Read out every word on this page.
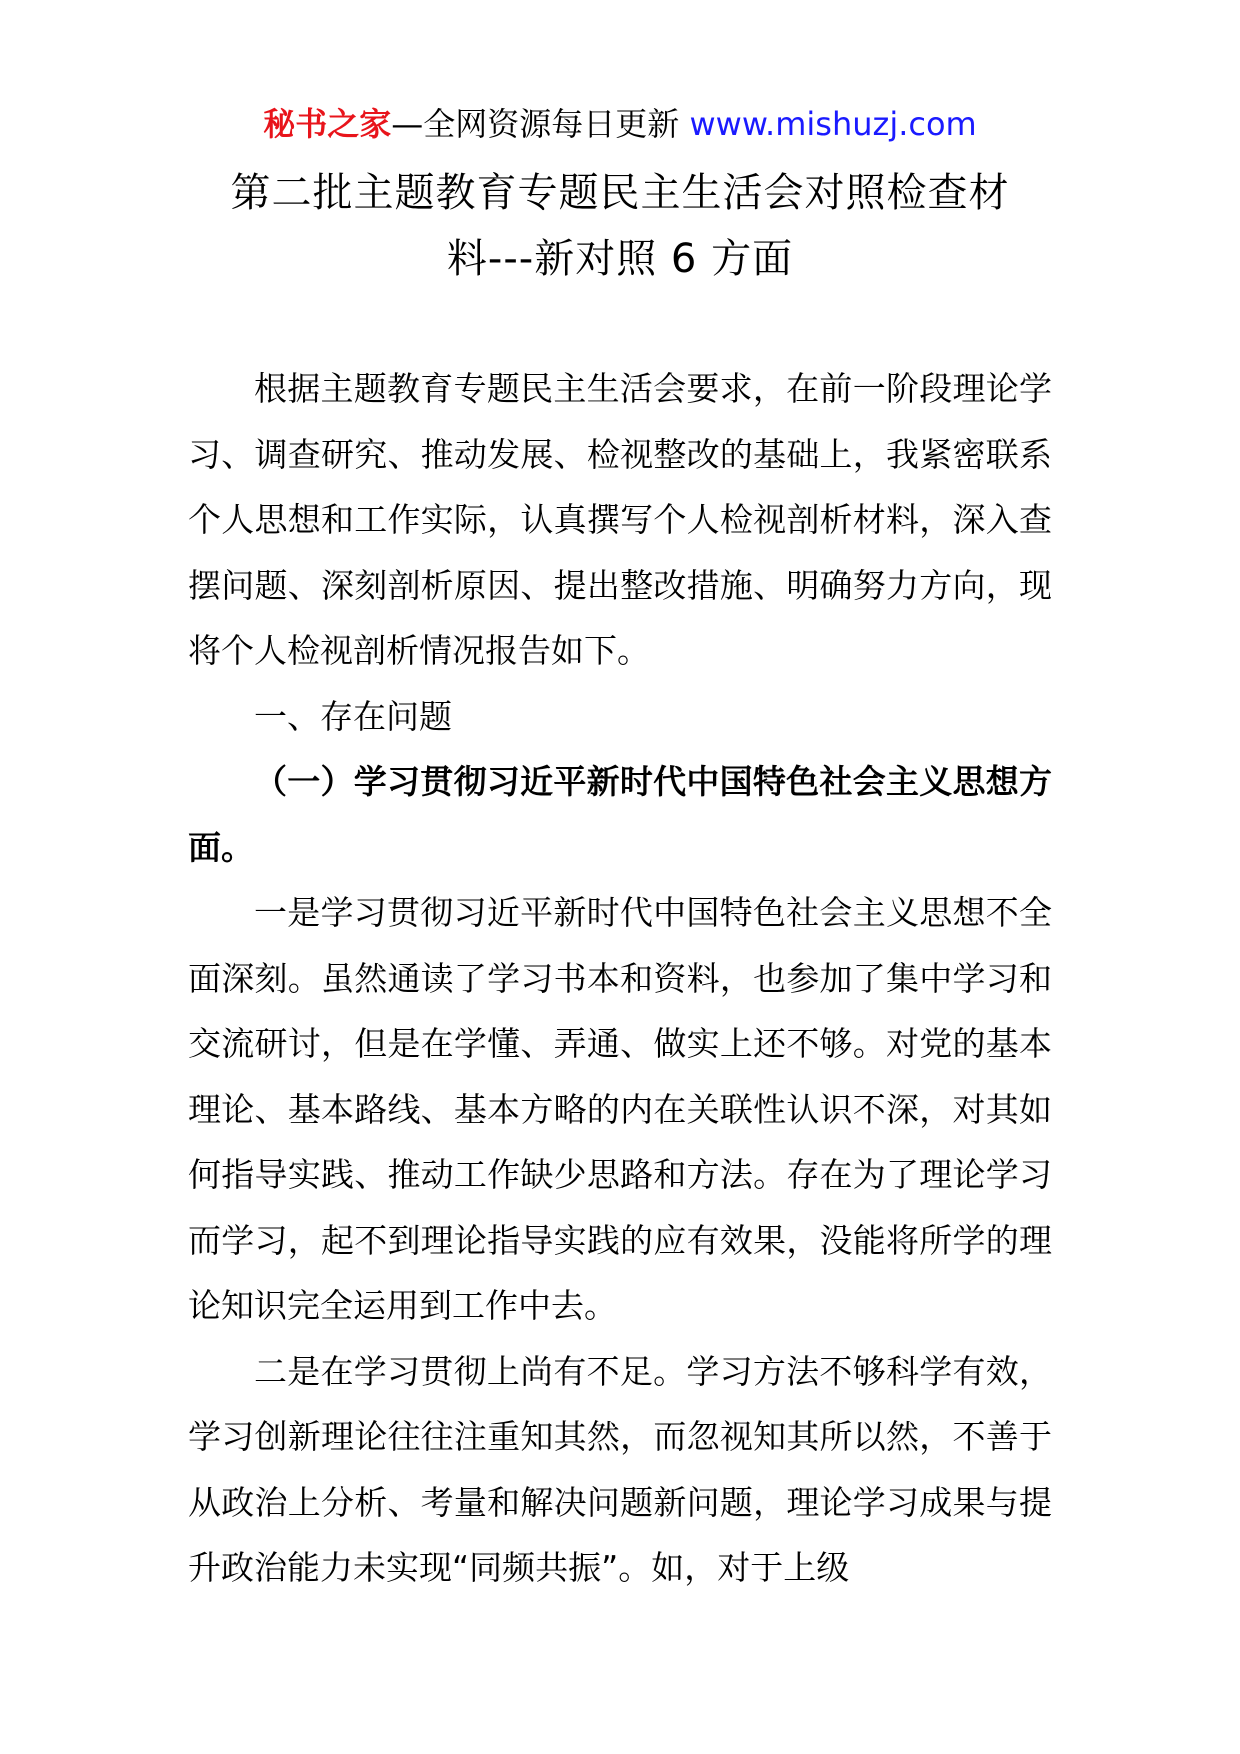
秘书之家—全网资源每日更新 www.mishuzj.com
第二批主题教育专题民主生活会对照检查材
料---新对照 6 方面

根据主题教育专题民主生活会要求，在前一阶段理论学习、调查研究、推动发展、检视整改的基础上，我紧密联系个人思想和工作实际，认真撰写个人检视剖析材料，深入查摆问题、深刻剖析原因、提出整改措施、明确努力方向，现将个人检视剖析情况报告如下。

一、存在问题

（一）学习贯彻习近平新时代中国特色社会主义思想方面。

一是学习贯彻习近平新时代中国特色社会主义思想不全面深刻。虽然通读了学习书本和资料，也参加了集中学习和交流研讨，但是在学懂、弄通、做实上还不够。对党的基本理论、基本路线、基本方略的内在关联性认识不深，对其如何指导实践、推动工作缺少思路和方法。存在为了理论学习而学习，起不到理论指导实践的应有效果，没能将所学的理论知识完全运用到工作中去。

二是在学习贯彻上尚有不足。学习方法不够科学有效，学习创新理论往往注重知其然，而忽视知其所以然，不善于从政治上分析、考量和解决问题新问题，理论学习成果与提升政治能力未实现“同频共振”。如，对于上级
